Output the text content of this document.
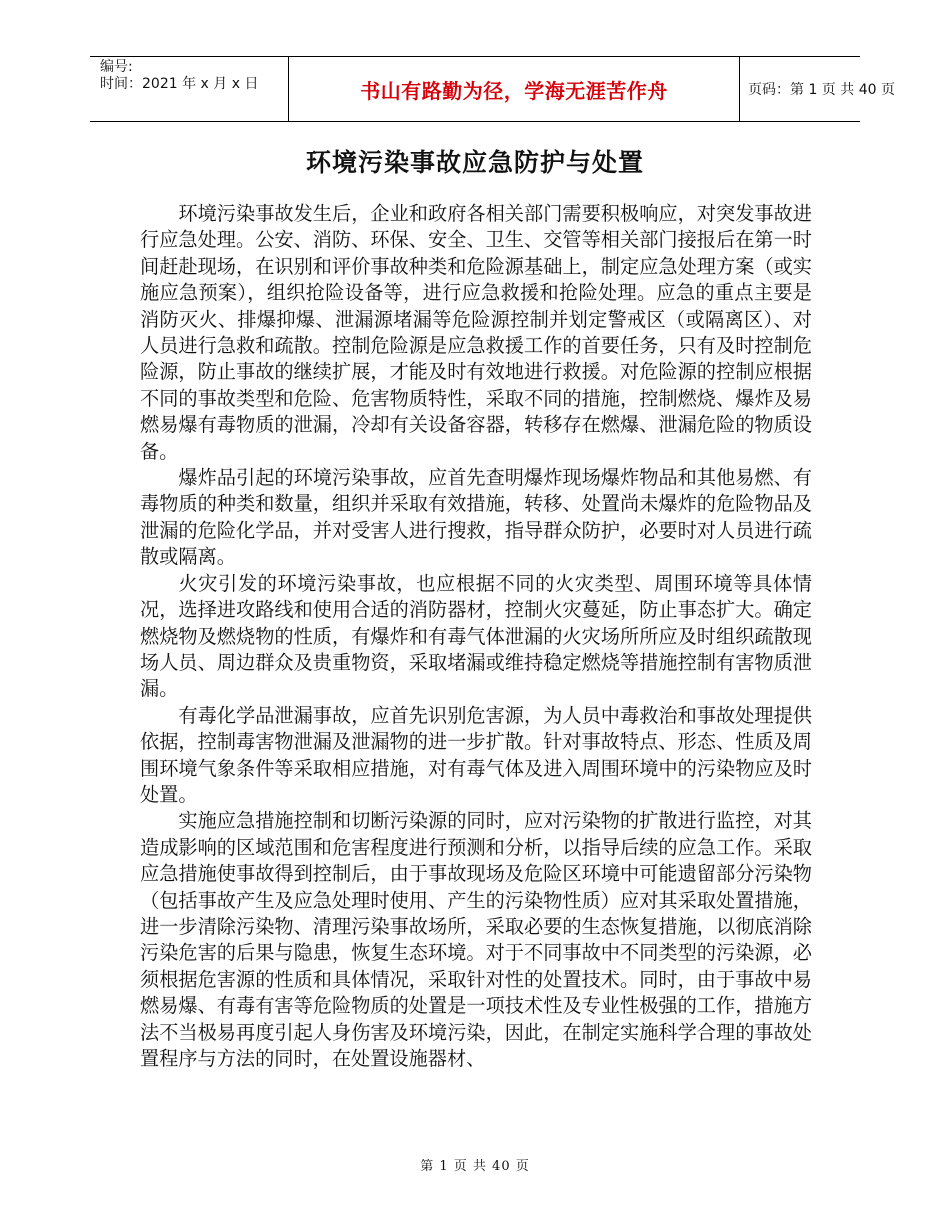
编号:
时间：2021 年 x 月 x 日	书山有路勤为径，学海无涯苦作舟	页码：第 1 页 共 40 页
环境污染事故应急防护与处置

环境污染事故发生后，企业和政府各相关部门需要积极响应，对突发事故进行应急处理。公安、消防、环保、安全、卫生、交管等相关部门接报后在第一时间赶赴现场，在识别和评价事故种类和危险源基础上，制定应急处理方案（或实施应急预案），组织抢险设备等，进行应急救援和抢险处理。应急的重点主要是消防灭火、排爆抑爆、泄漏源堵漏等危险源控制并划定警戒区（或隔离区）、对人员进行急救和疏散。控制危险源是应急救援工作的首要任务，只有及时控制危险源，防止事故的继续扩展，才能及时有效地进行救援。对危险源的控制应根据不同的事故类型和危险、危害物质特性，采取不同的措施，控制燃烧、爆炸及易燃易爆有毒物质的泄漏，冷却有关设备容器，转移存在燃爆、泄漏危险的物质设备。

爆炸品引起的环境污染事故，应首先查明爆炸现场爆炸物品和其他易燃、有毒物质的种类和数量，组织并采取有效措施，转移、处置尚未爆炸的危险物品及泄漏的危险化学品，并对受害人进行搜救，指导群众防护，必要时对人员进行疏散或隔离。

火灾引发的环境污染事故，也应根据不同的火灾类型、周围环境等具体情况，选择进攻路线和使用合适的消防器材，控制火灾蔓延，防止事态扩大。确定燃烧物及燃烧物的性质，有爆炸和有毒气体泄漏的火灾场所所应及时组织疏散现场人员、周边群众及贵重物资，采取堵漏或维持稳定燃烧等措施控制有害物质泄漏。

有毒化学品泄漏事故，应首先识别危害源，为人员中毒救治和事故处理提供依据，控制毒害物泄漏及泄漏物的进一步扩散。针对事故特点、形态、性质及周围环境气象条件等采取相应措施，对有毒气体及进入周围环境中的污染物应及时处置。

实施应急措施控制和切断污染源的同时，应对污染物的扩散进行监控，对其造成影响的区域范围和危害程度进行预测和分析，以指导后续的应急工作。采取应急措施使事故得到控制后，由于事故现场及危险区环境中可能遗留部分污染物（包括事故产生及应急处理时使用、产生的污染物性质）应对其采取处置措施，进一步清除污染物、清理污染事故场所，采取必要的生态恢复措施，以彻底消除污染危害的后果与隐患，恢复生态环境。对于不同事故中不同类型的污染源，必须根据危害源的性质和具体情况，采取针对性的处置技术。同时，由于事故中易燃易爆、有毒有害等危险物质的处置是一项技术性及专业性极强的工作，措施方法不当极易再度引起人身伤害及环境污染，因此，在制定实施科学合理的事故处置程序与方法的同时，在处置设施器材、

第 1 页 共 40 页
